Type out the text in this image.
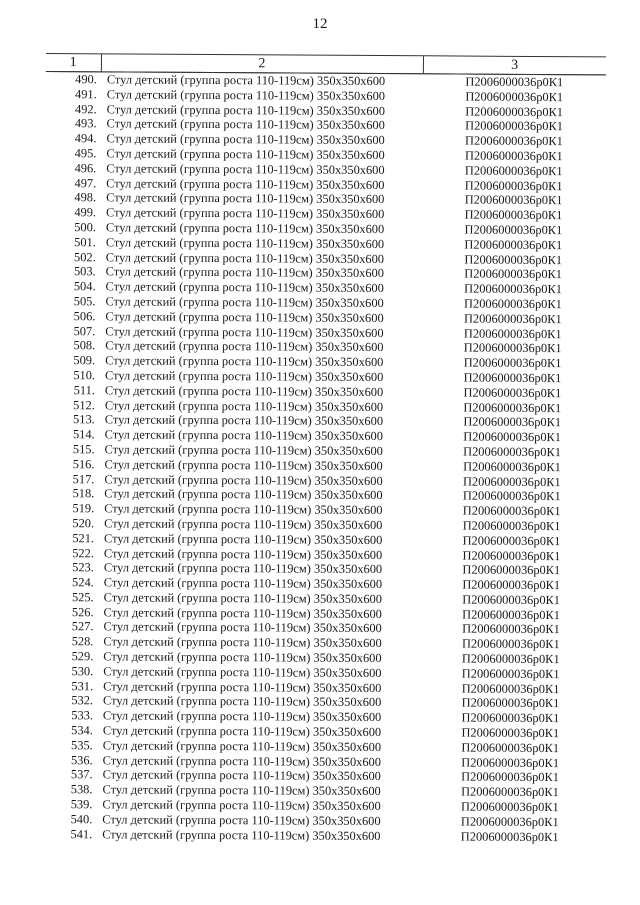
12
1	2	3
490.	Стул детский (группа роста 110-119см) 350х350х600	П2006000036р0К1
491.	Стул детский (группа роста 110-119см) 350х350х600	П2006000036р0К1
492.	Стул детский (группа роста 110-119см) 350х350х600	П2006000036р0К1
493.	Стул детский (группа роста 110-119см) 350х350х600	П2006000036р0К1
494.	Стул детский (группа роста 110-119см) 350х350х600	П2006000036р0К1
495.	Стул детский (группа роста 110-119см) 350х350х600	П2006000036р0К1
496.	Стул детский (группа роста 110-119см) 350х350х600	П2006000036р0К1
497.	Стул детский (группа роста 110-119см) 350х350х600	П2006000036р0К1
498.	Стул детский (группа роста 110-119см) 350х350х600	П2006000036р0К1
499.	Стул детский (группа роста 110-119см) 350х350х600	П2006000036р0К1
500.	Стул детский (группа роста 110-119см) 350х350х600	П2006000036р0К1
501.	Стул детский (группа роста 110-119см) 350х350х600	П2006000036р0К1
502.	Стул детский (группа роста 110-119см) 350х350х600	П2006000036р0К1
503.	Стул детский (группа роста 110-119см) 350х350х600	П2006000036р0К1
504.	Стул детский (группа роста 110-119см) 350х350х600	П2006000036р0К1
505.	Стул детский (группа роста 110-119см) 350х350х600	П2006000036р0К1
506.	Стул детский (группа роста 110-119см) 350х350х600	П2006000036р0К1
507.	Стул детский (группа роста 110-119см) 350х350х600	П2006000036р0К1
508.	Стул детский (группа роста 110-119см) 350х350х600	П2006000036р0К1
509.	Стул детский (группа роста 110-119см) 350х350х600	П2006000036р0К1
510.	Стул детский (группа роста 110-119см) 350х350х600	П2006000036р0К1
511.	Стул детский (группа роста 110-119см) 350х350х600	П2006000036р0К1
512.	Стул детский (группа роста 110-119см) 350х350х600	П2006000036р0К1
513.	Стул детский (группа роста 110-119см) 350х350х600	П2006000036р0К1
514.	Стул детский (группа роста 110-119см) 350х350х600	П2006000036р0К1
515.	Стул детский (группа роста 110-119см) 350х350х600	П2006000036р0К1
516.	Стул детский (группа роста 110-119см) 350х350х600	П2006000036р0К1
517.	Стул детский (группа роста 110-119см) 350х350х600	П2006000036р0К1
518.	Стул детский (группа роста 110-119см) 350х350х600	П2006000036р0К1
519.	Стул детский (группа роста 110-119см) 350х350х600	П2006000036р0К1
520.	Стул детский (группа роста 110-119см) 350х350х600	П2006000036р0К1
521.	Стул детский (группа роста 110-119см) 350х350х600	П2006000036р0К1
522.	Стул детский (группа роста 110-119см) 350х350х600	П2006000036р0К1
523.	Стул детский (группа роста 110-119см) 350х350х600	П2006000036р0К1
524.	Стул детский (группа роста 110-119см) 350х350х600	П2006000036р0К1
525.	Стул детский (группа роста 110-119см) 350х350х600	П2006000036р0К1
526.	Стул детский (группа роста 110-119см) 350х350х600	П2006000036р0К1
527.	Стул детский (группа роста 110-119см) 350х350х600	П2006000036р0К1
528.	Стул детский (группа роста 110-119см) 350х350х600	П2006000036р0К1
529.	Стул детский (группа роста 110-119см) 350х350х600	П2006000036р0К1
530.	Стул детский (группа роста 110-119см) 350х350х600	П2006000036р0К1
531.	Стул детский (группа роста 110-119см) 350х350х600	П2006000036р0К1
532.	Стул детский (группа роста 110-119см) 350х350х600	П2006000036р0К1
533.	Стул детский (группа роста 110-119см) 350х350х600	П2006000036р0К1
534.	Стул детский (группа роста 110-119см) 350х350х600	П2006000036р0К1
535.	Стул детский (группа роста 110-119см) 350х350х600	П2006000036р0К1
536.	Стул детский (группа роста 110-119см) 350х350х600	П2006000036р0К1
537.	Стул детский (группа роста 110-119см) 350х350х600	П2006000036р0К1
538.	Стул детский (группа роста 110-119см) 350х350х600	П2006000036р0К1
539.	Стул детский (группа роста 110-119см) 350х350х600	П2006000036р0К1
540.	Стул детский (группа роста 110-119см) 350х350х600	П2006000036р0К1
541.	Стул детский (группа роста 110-119см) 350х350х600	П2006000036р0К1
